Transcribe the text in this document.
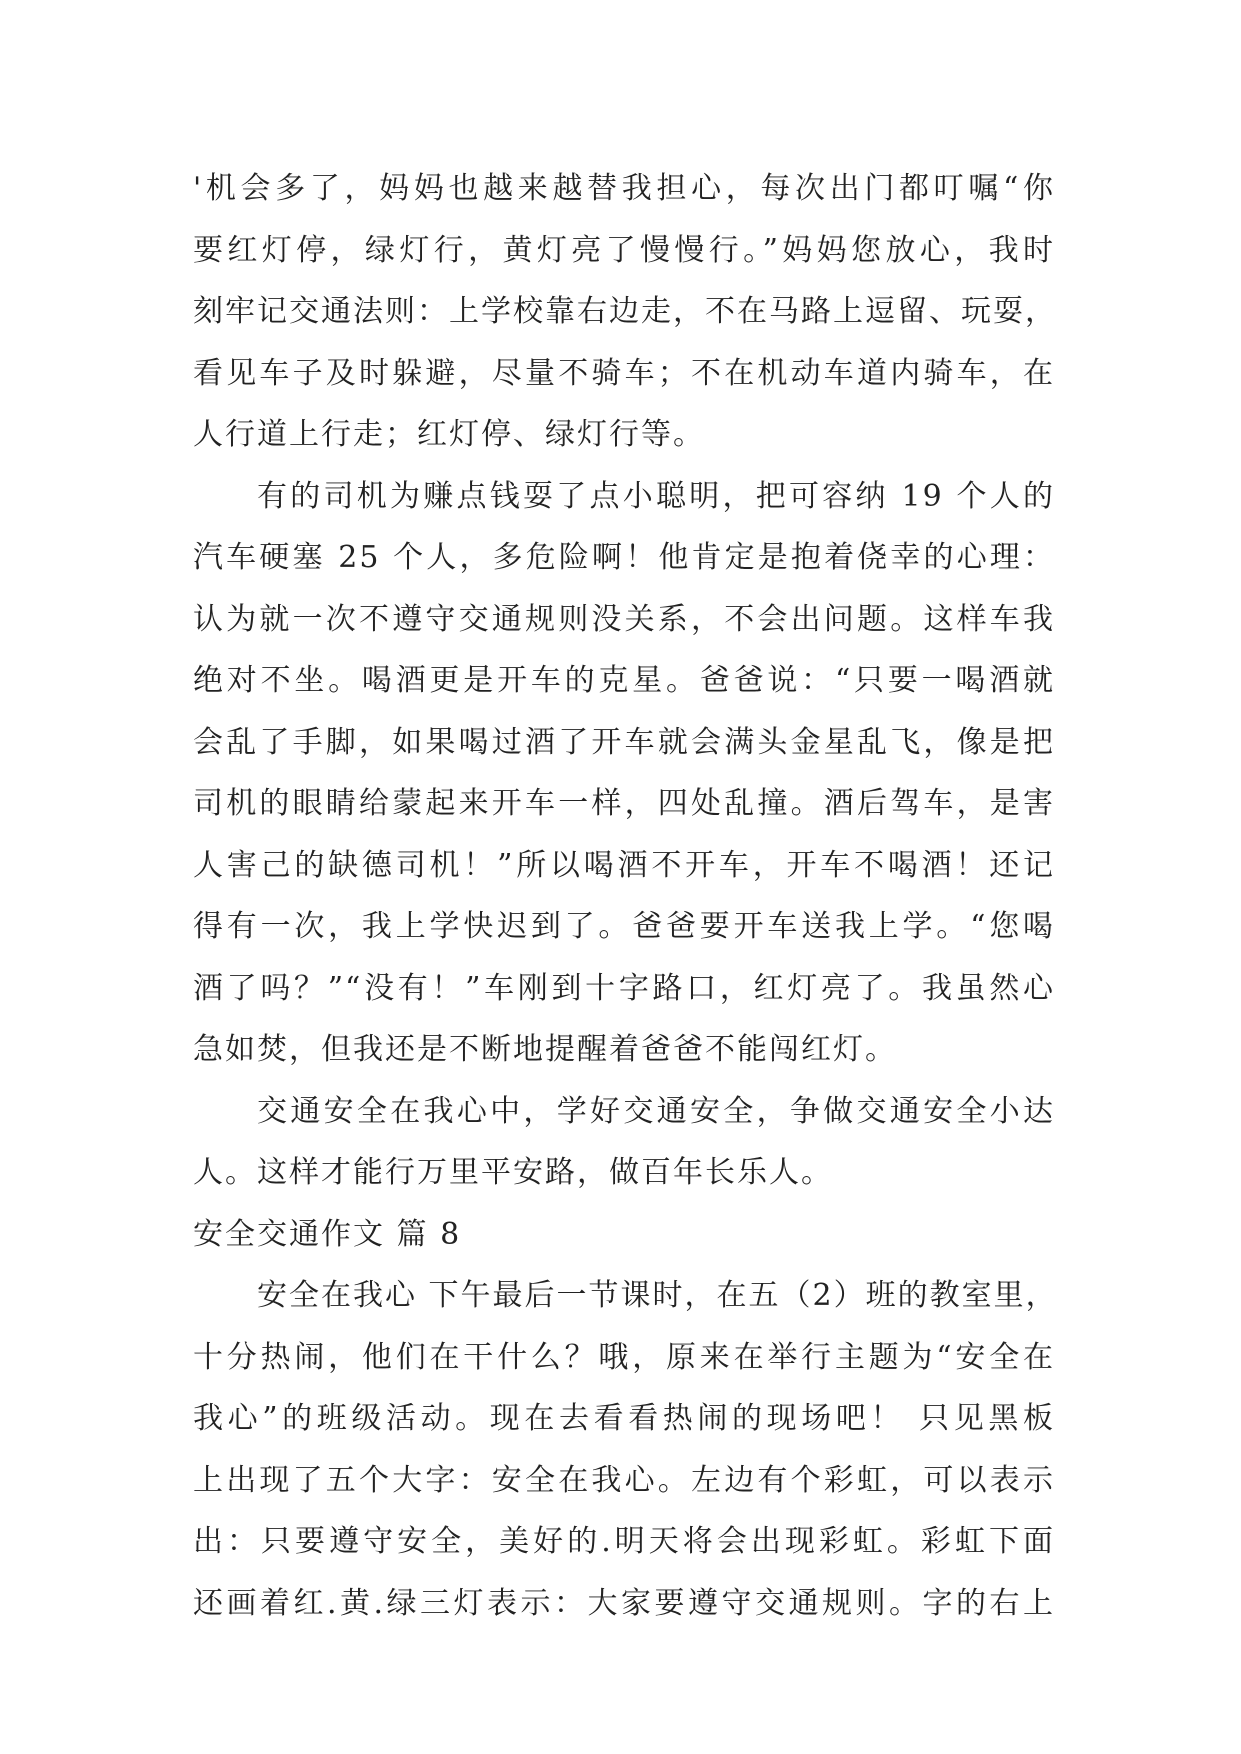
'机会多了，妈妈也越来越替我担心，每次出门都叮嘱“你
要红灯停，绿灯行，黄灯亮了慢慢行。”妈妈您放心，我时
刻牢记交通法则：上学校靠右边走，不在马路上逗留、玩耍，
看见车子及时躲避，尽量不骑车；不在机动车道内骑车，在
人行道上行走；红灯停、绿灯行等。
有的司机为赚点钱耍了点小聪明，把可容纳 19 个人的
汽车硬塞 25 个人，多危险啊！他肯定是抱着侥幸的心理：
认为就一次不遵守交通规则没关系，不会出问题。这样车我
绝对不坐。喝酒更是开车的克星。爸爸说：“只要一喝酒就
会乱了手脚，如果喝过酒了开车就会满头金星乱飞，像是把
司机的眼睛给蒙起来开车一样，四处乱撞。酒后驾车，是害
人害己的缺德司机！”所以喝酒不开车，开车不喝酒！还记
得有一次，我上学快迟到了。爸爸要开车送我上学。“您喝
酒了吗？”“没有！”车刚到十字路口，红灯亮了。我虽然心
急如焚，但我还是不断地提醒着爸爸不能闯红灯。
交通安全在我心中，学好交通安全，争做交通安全小达
人。这样才能行万里平安路，做百年长乐人。
安全交通作文 篇 8
安全在我心 下午最后一节课时，在五（2）班的教室里，
十分热闹，他们在干什么？哦，原来在举行主题为“安全在
我心”的班级活动。现在去看看热闹的现场吧！ 只见黑板
上出现了五个大字：安全在我心。左边有个彩虹，可以表示
出：只要遵守安全，美好的.明天将会出现彩虹。彩虹下面
还画着红.黄.绿三灯表示：大家要遵守交通规则。字的右上
